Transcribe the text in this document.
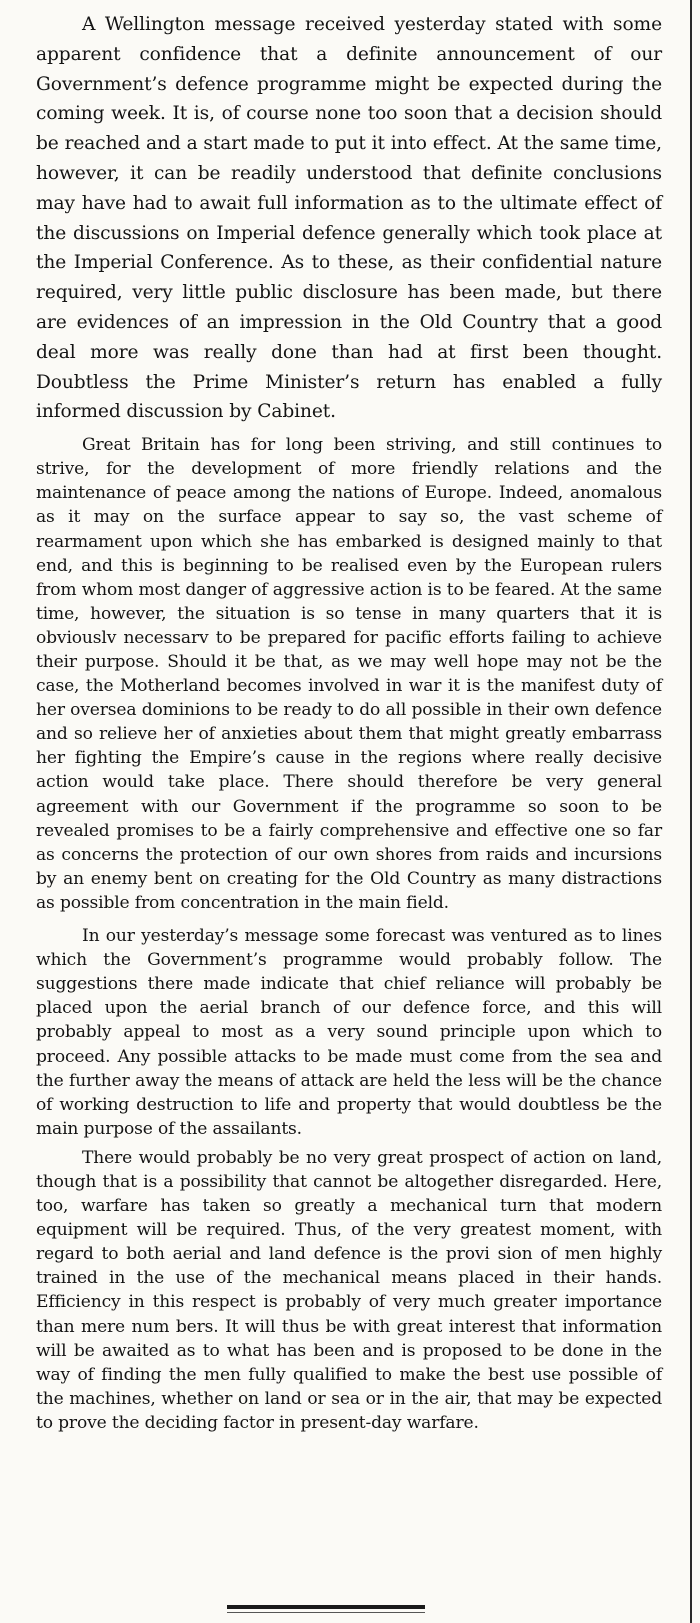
A Wellington message received yesterday stated with some apparent confidence that a definite announcement of our Government’s defence programme might be expected during the coming week. It is, of course none too soon that a decision should be reached and a start made to put it into effect. At the same time, however, it can be readily understood that definite conclusions may have had to await full information as to the ultimate effect of the discussions on Imperial defence generally which took place at the Imperial Conference. As to these, as their confidential nature required, very little public disclosure has been made, but there are evidences of an impression in the Old Country that a good deal more was really done than had at first been thought. Doubtless the Prime Minister’s return has enabled a fully informed discussion by Cabinet.

Great Britain has for long been striving, and still continues to strive, for the development of more friendly relations and the maintenance of peace among the nations of Europe. Indeed, anomalous as it may on the surface appear to say so, the vast scheme of rearmament upon which she has embarked is designed mainly to that end, and this is beginning to be realised even by the European rulers from whom most danger of aggressive action is to be feared. At the same time, however, the situation is so tense in many quarters that it is obviouslv necessarv to be prepared for pacific efforts failing to achieve their purpose. Should it be that, as we may well hope may not be the case, the Motherland becomes involved in war it is the manifest duty of her oversea dominions to be ready to do all possible in their own defence and so relieve her of anxieties about them that might greatly embarrass her fighting the Empire’s cause in the regions where really decisive action would take place. There should therefore be very general agreement with our Government if the programme so soon to be revealed promises to be a fairly comprehensive and effective one so far as concerns the protection of our own shores from raids and incursions by an enemy bent on creating for the Old Country as many distractions as possible from concentration in the main field.

In our yesterday’s message some forecast was ventured as to lines which the Government’s programme would probably follow. The suggestions there made indicate that chief reliance will probably be placed upon the aerial branch of our defence force, and this will probably appeal to most as a very sound principle upon which to proceed. Any possible attacks to be made must come from the sea and the further away the means of attack are held the less will be the chance of working destruction to life and property that would doubtless be the main purpose of the assailants.

There would probably be no very great prospect of action on land, though that is a possibility that cannot be altogether disregarded. Here, too, warfare has taken so greatly a mechanical turn that modern equipment will be required. Thus, of the very greatest moment, with regard to both aerial and land defence is the provi sion of men highly trained in the use of the mechanical means placed in their hands. Efficiency in this respect is probably of very much greater importance than mere num bers. It will thus be with great interest that information will be awaited as to what has been and is proposed to be done in the way of finding the men fully qualified to make the best use possible of the machines, whether on land or sea or in the air, that may be expected to prove the deciding factor in present-day warfare.
